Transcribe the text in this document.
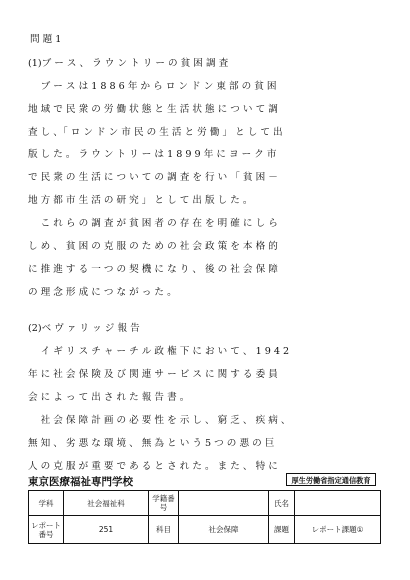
問 題 1
(1)ブ ー ス 、 ラ ウ ン ト リ ー の 貧 困 調 査
　 ブ ー ス は 1 8 8 6 年 か ら ロ ン ド ン 東 部 の 貧 困
地 域 で 民 衆 の 労 働 状 態 と 生 活 状 態 に つ い て 調
査 し 、「 ロ ン ド ン 市 民 の 生 活 と 労 働 」 と し て 出
版 し た 。 ラ ウ ン ト リ ー は 1 8 9 9 年 に ヨ ー ク 市
で 民 衆 の 生 活 に つ い て の 調 査 を 行 い 「 貧 困 －
地 方 都 市 生 活 の 研 究 」 と し て 出 版 し た 。
　 こ れ ら の 調 査 が 貧 困 者 の 存 在 を 明 確 に し ら
し め 、 貧 困 の 克 服 の た め の 社 会 政 策 を 本 格 的
に 推 進 す る 一 つ の 契 機 に な り 、 後 の 社 会 保 障
の 理 念 形 成 に つ な が っ た 。
(2)ベ ヴ ァ リ ッ ジ 報 告
　 イ ギ リ ス チ ャ ー チ ル 政 権 下 に お い て 、 1 9 4 2
年 に 社 会 保 険 及 び 関 連 サ ー ビ ス に 関 す る 委 員
会 に よ っ て 出 さ れ た 報 告 書 。
　 社 会 保 障 計 画 の 必 要 性 を 示 し 、 窮 乏 、 疾 病 、
無 知 、 劣 悪 な 環 境 、 無 為 と い う 5 つ の 悪 の 巨
人 の 克 服 が 重 要 で あ る と さ れ た 。 ま た 、 特 に
東京医療福祉専門学校	厚生労働省指定通信教育
学科	社会福祉科	学籍番号		氏名	
レポート番号	251	科目	社会保障	課題	レポート課題①
